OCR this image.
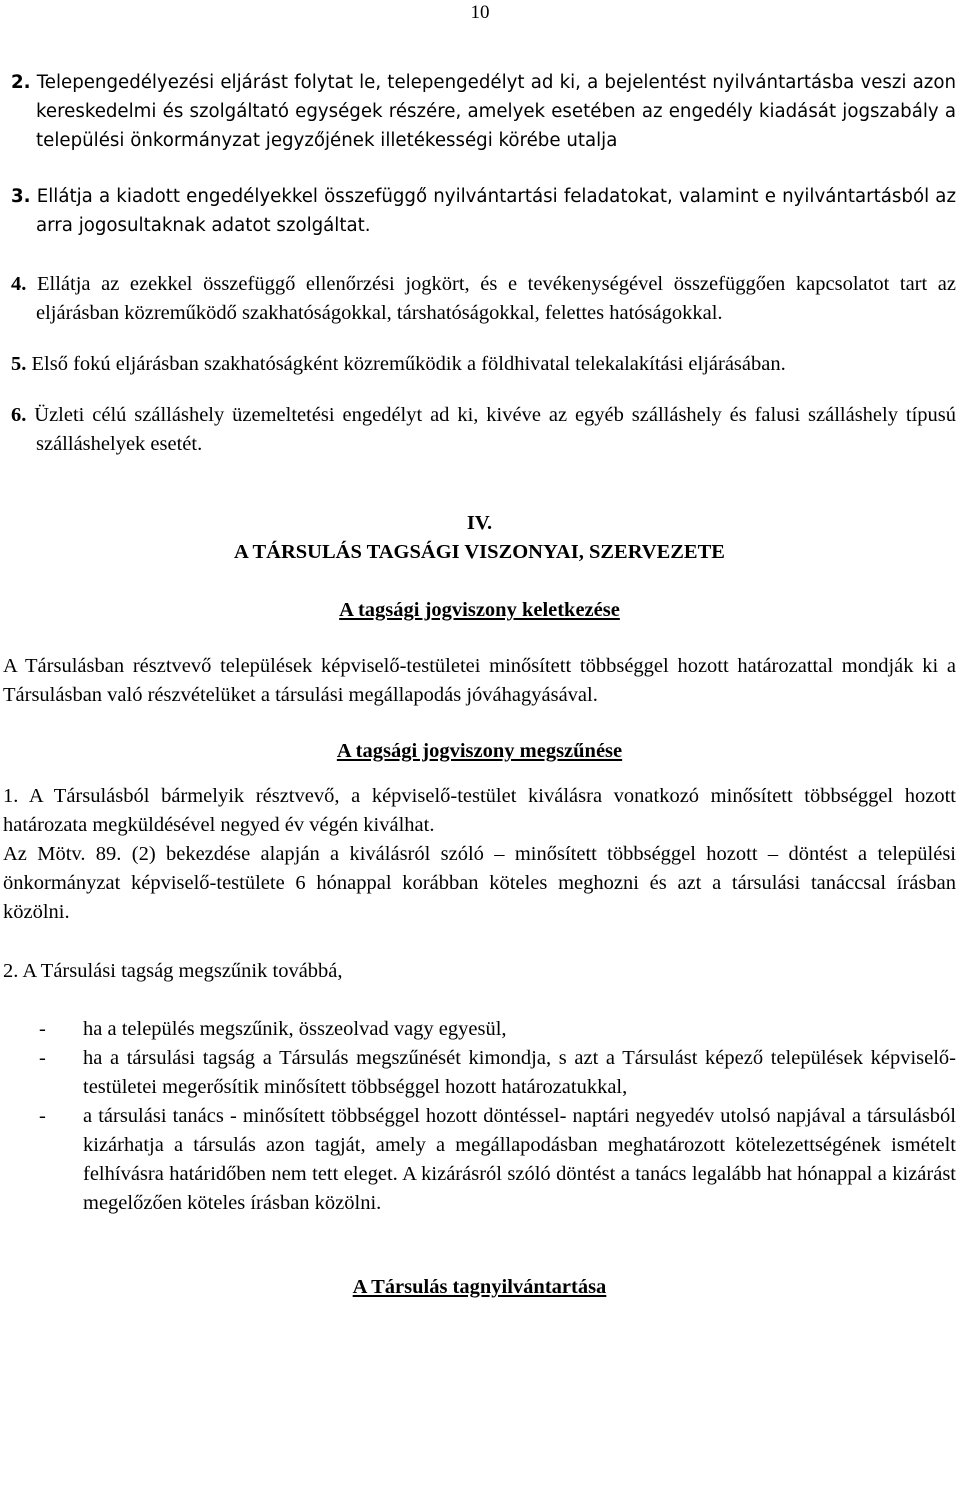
10

2. Telepengedélyezési eljárást folytat le, telepengedélyt ad ki, a bejelentést nyilvántartásba veszi azon kereskedelmi és szolgáltató egységek részére, amelyek esetében az engedély kiadását jogszabály a települési önkormányzat jegyzőjének illetékességi körébe utalja

3. Ellátja a kiadott engedélyekkel összefüggő nyilvántartási feladatokat, valamint e nyilvántartásból az arra jogosultaknak adatot szolgáltat.

4. Ellátja az ezekkel összefüggő ellenőrzési jogkört, és e tevékenységével összefüggően kapcsolatot tart az eljárásban közreműködő szakhatóságokkal, társhatóságokkal, felettes hatóságokkal.

5. Első fokú eljárásban szakhatóságként közreműködik a földhivatal telekalakítási eljárásában.

6. Üzleti célú szálláshely üzemeltetési engedélyt ad ki, kivéve az egyéb szálláshely és falusi szálláshely típusú szálláshelyek esetét.

IV.

A TÁRSULÁS TAGSÁGI VISZONYAI, SZERVEZETE

A tagsági jogviszony keletkezése

A Társulásban résztvevő települések képviselő-testületei minősített többséggel hozott határozattal mondják ki a Társulásban való részvételüket a társulási megállapodás jóváhagyásával.

A tagsági jogviszony megszűnése

1. A Társulásból bármelyik résztvevő, a képviselő-testület kiválásra vonatkozó minősített többséggel hozott határozata megküldésével negyed év végén kiválhat.

Az Mötv. 89. (2) bekezdése alapján a kiválásról szóló – minősített többséggel hozott – döntést a települési önkormányzat képviselő-testülete 6 hónappal korábban köteles meghozni és azt a társulási tanáccsal írásban közölni.

2. A Társulási tagság megszűnik továbbá,

-	ha a település megszűnik, összeolvad vagy egyesül,
-	ha a társulási tagság a Társulás megszűnését kimondja, s azt a Társulást képező települések képviselő-testületei megerősítik minősített többséggel hozott határozatukkal,
-	a társulási tanács - minősített többséggel hozott döntéssel- naptári negyedév utolsó napjával a társulásból kizárhatja a társulás azon tagját, amely a megállapodásban meghatározott kötelezettségének ismételt felhívásra határidőben nem tett eleget. A kizárásról szóló döntést a tanács legalább hat hónappal a kizárást megelőzően köteles írásban közölni.

A Társulás tagnyilvántartása
